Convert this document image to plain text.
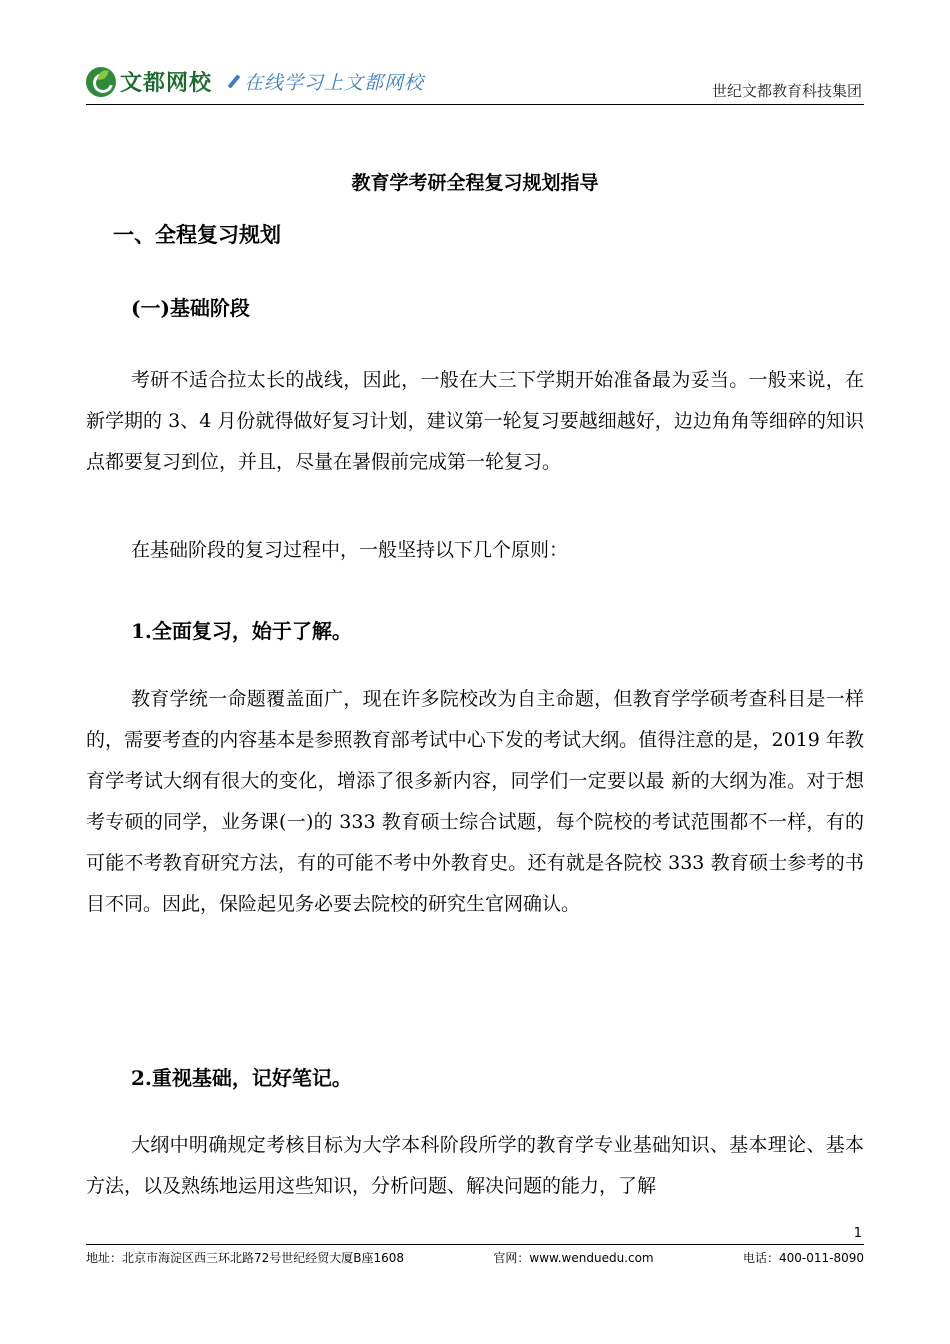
文都网校 在线学习上文都网校	世纪文都教育科技集团
教育学考研全程复习规划指导
一、全程复习规划
(一)基础阶段

考研不适合拉太长的战线，因此，一般在大三下学期开始准备最为妥当。一般来说，在新学期的 3、4 月份就得做好复习计划，建议第一轮复习要越细越好，边边角角等细碎的知识点都要复习到位，并且，尽量在暑假前完成第一轮复习。

在基础阶段的复习过程中，一般坚持以下几个原则：

1.全面复习，始于了解。

教育学统一命题覆盖面广，现在许多院校改为自主命题，但教育学学硕考查科目是一样的，需要考查的内容基本是参照教育部考试中心下发的考试大纲。值得注意的是，2019 年教育学考试大纲有很大的变化，增添了很多新内容，同学们一定要以最 新的大纲为准。对于想考专硕的同学，业务课(一)的 333 教育硕士综合试题，每个院校的考试范围都不一样，有的可能不考教育研究方法，有的可能不考中外教育史。还有就是各院校 333 教育硕士参考的书目不同。因此，保险起见务必要去院校的研究生官网确认。

2.重视基础，记好笔记。

大纲中明确规定考核目标为大学本科阶段所学的教育学专业基础知识、基本理论、基本方法，以及熟练地运用这些知识，分析问题、解决问题的能力，了解

1
地址：北京市海淀区西三环北路72号世纪经贸大厦B座1608	官网：www.wenduedu.com	电话：400-011-8090
